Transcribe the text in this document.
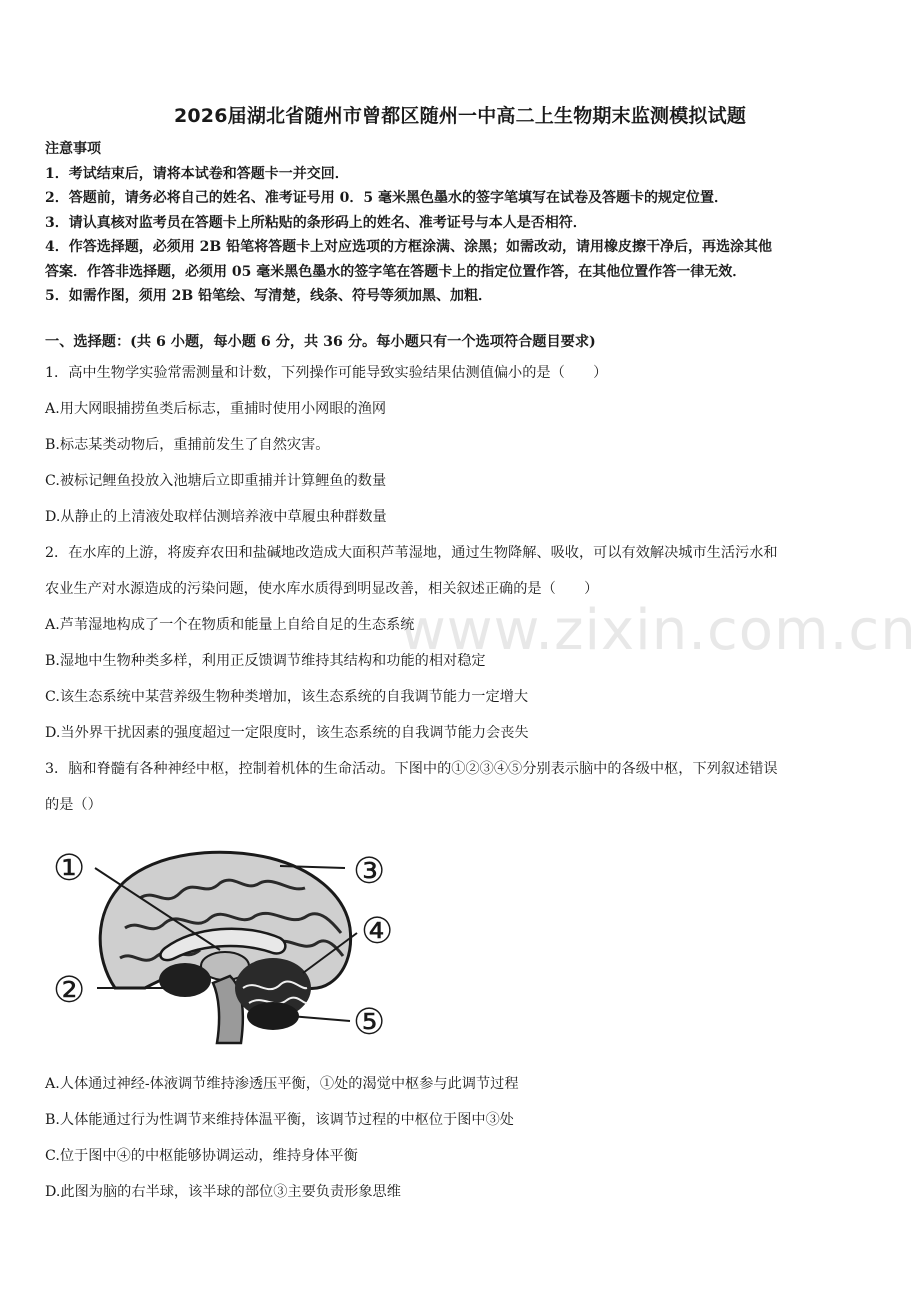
2026届湖北省随州市曾都区随州一中高二上生物期末监测模拟试题
注意事项
1．考试结束后，请将本试卷和答题卡一并交回．
2．答题前，请务必将自己的姓名、准考证号用 0．5 毫米黑色墨水的签字笔填写在试卷及答题卡的规定位置．
3．请认真核对监考员在答题卡上所粘贴的条形码上的姓名、准考证号与本人是否相符．
4．作答选择题，必须用 2B 铅笔将答题卡上对应选项的方框涂满、涂黑；如需改动，请用橡皮擦干净后，再选涂其他
答案．作答非选择题，必须用 05 毫米黑色墨水的签字笔在答题卡上的指定位置作答，在其他位置作答一律无效．
5．如需作图，须用 2B 铅笔绘、写清楚，线条、符号等须加黑、加粗．
一、选择题：(共 6 小题，每小题 6 分，共 36 分。每小题只有一个选项符合题目要求)
1．高中生物学实验常需测量和计数，下列操作可能导致实验结果估测值偏小的是（　　）
A.用大网眼捕捞鱼类后标志，重捕时使用小网眼的渔网
B.标志某类动物后，重捕前发生了自然灾害。
C.被标记鲤鱼投放入池塘后立即重捕并计算鲤鱼的数量
D.从静止的上清液处取样估测培养液中草履虫种群数量
2．在水库的上游，将废弃农田和盐碱地改造成大面积芦苇湿地，通过生物降解、吸收，可以有效解决城市生活污水和
农业生产对水源造成的污染问题，使水库水质得到明显改善，相关叙述正确的是（　　）
A.芦苇湿地构成了一个在物质和能量上自给自足的生态系统
B.湿地中生物种类多样，利用正反馈调节维持其结构和功能的相对稳定
C.该生态系统中某营养级生物种类增加，该生态系统的自我调节能力一定增大
D.当外界干扰因素的强度超过一定限度时，该生态系统的自我调节能力会丧失
3．脑和脊髓有各种神经中枢，控制着机体的生命活动。下图中的①②③④⑤分别表示脑中的各级中枢，下列叙述错误
的是（）
①
②
③
④
⑤
A.人体通过神经-体液调节维持渗透压平衡，①处的渴觉中枢参与此调节过程
B.人体能通过行为性调节来维持体温平衡，该调节过程的中枢位于图中③处
C.位于图中④的中枢能够协调运动，维持身体平衡
D.此图为脑的右半球，该半球的部位③主要负责形象思维
www.zixin.com.cn
